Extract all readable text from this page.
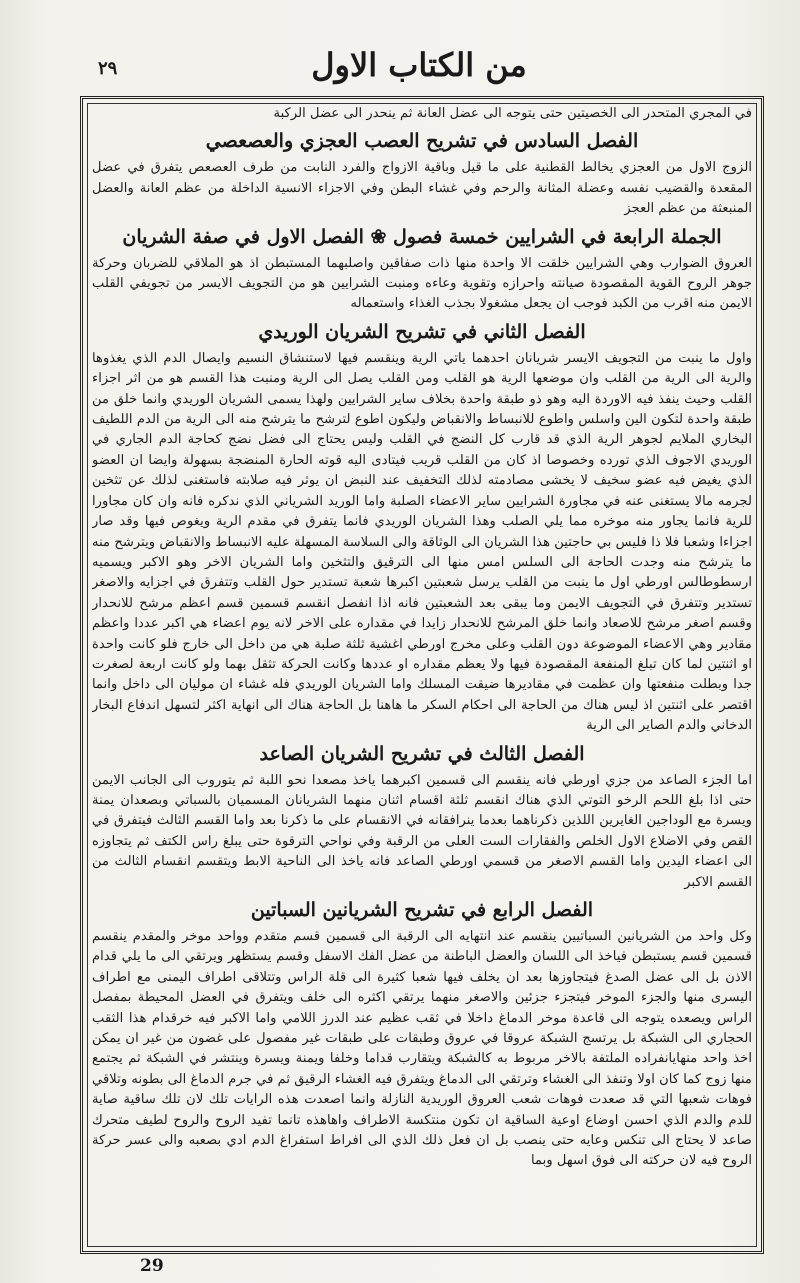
من الكتاب الاول
٢٩

في المجري المتحدر الى الخصيتين حتى يتوجه الى عضل العانة ثم ينحدر الى عضل الركبة

الفصل السادس في تشريح العصب العجزي والعصعصي

الزوج الاول من العجزي يخالط القطنية على ما قيل وباقية الازواج والفرد النابت من طرف العصعص يتفرق في عضل المقعدة والقضيب نفسه وعضلة المثانة والرحم وفي غشاء البطن وفي الاجزاء الانسية الداخلة من عظم العانة والعضل المنبعثة من عظم العجز

الجملة الرابعة في الشرايين خمسة فصول ❀ الفصل الاول في صفة الشريان

العروق الضوارب وهي الشرايين خلقت الا واحدة منها ذات صفاقين واصلبهما المستبطن اذ هو الملاقي للضربان وحركة جوهر الروح القوية المقصودة صيانته واحرازه وتقوية وعاءه ومنبت الشرايين هو من التجويف الايسر من تجويفي القلب الايمن منه اقرب من الكبد فوجب ان يجعل مشغولا بجذب الغذاء واستعماله

الفصل الثاني في تشريح الشريان الوريدي

واول ما ينبت من التجويف الايسر شريانان احدهما ياتي الرية وينقسم فيها لاستنشاق النسيم وايصال الدم الذي يغذوها والرية الى الرية من القلب وان موضعها الرية هو القلب ومن القلب يصل الى الرية ومنبت هذا القسم هو من اثر اجزاء القلب وحيث ينفذ فيه الاوردة اليه وهو ذو طبقة واحدة بخلاف ساير الشرايين ولهذا يسمى الشريان الوريدي وانما خلق من طبقة واحدة لتكون الين واسلس واطوع للانبساط والانقباض وليكون اطوع لترشح ما يترشح منه الى الرية من الدم اللطيف البخاري الملايم لجوهر الرية الذي قد قارب كل النضج في القلب وليس يحتاج الى فضل نضج كحاجة الدم الجاري في الوريدي الاجوف الذي تورده وخصوصا اذ كان من القلب قريب فيتادى اليه قوته الحارة المنضجة بسهولة وايضا ان العضو الذي يغيض فيه عضو سخيف لا يخشى مصادمته لذلك التخفيف عند النبض ان يوثر فيه صلابته فاستغنى لذلك عن تثخين لجرمه مالا يستغنى عنه في مجاورة الشرايين ساير الاعضاء الصلبة واما الوريد الشرياني الذي ندكره فانه وان كان مجاورا للرية فانما يجاور منه موخره مما يلي الصلب وهذا الشريان الوريدي فانما يتفرق في مقدم الرية ويغوص فيها وقد صار اجزاءا وشعبا فلا ذا فليس بي حاجتين هذا الشريان الى الوثاقة والى السلاسة المسهلة عليه الانبساط والانقباض ويترشح منه ما يترشح منه وجدت الحاجة الى السلس امس منها الى الترقيق والتثخين واما الشريان الاخر وهو الاكبر ويسميه ارسطوطالس اورطي اول ما ينبت من القلب يرسل شعبتين اكبرها شعبة تستدير حول القلب وتتفرق في اجزايه والاصغر تستدير وتتفرق في التجويف الايمن وما يبقى بعد الشعبتين فانه اذا انفصل انقسم قسمين قسم اعظم مرشح للانحدار وقسم اصغر مرشح للاصعاد وانما خلق المرشح للانحدار زايدا في مقداره على الاخر لانه يوم اعضاء هي اكبر عددا واعظم مقادير وهي الاعضاء الموضوعة دون القلب وعلى مخرج اورطي اغشية ثلثة صلبة هي من داخل الى خارج فلو كانت واحدة او اثنتين لما كان تبلغ المنفعة المقصودة فيها ولا يعظم مقداره او عددها وكانت الحركة تثقل بهما ولو كانت اربعة لصغرت جدا وبطلت منفعتها وان عظمت في مقاديرها ضيقت المسلك واما الشريان الوريدي فله غشاء ان موليان الى داخل وانما اقتصر على اثنتين اذ ليس هناك من الحاجة الى احكام السكر ما هاهنا بل الحاجة هناك الى انهاية اكثر لتسهل اندفاع البخار الدخاني والدم الصاير الى الرية

الفصل الثالث في تشريح الشريان الصاعد

اما الجزء الصاعد من جزي اورطي فانه ينقسم الى قسمين اكبرهما ياخذ مصعدا نحو اللبة ثم يتوروب الى الجانب الايمن حتى اذا بلغ اللحم الرخو التوتي الذي هناك انقسم ثلثة اقسام اثنان منهما الشريانان المسميان بالسباتي وبصعدان يمنة ويسرة مع الوداجين الغايرين اللذين ذكرناهما بعدما ينرافقانه في الانقسام على ما ذكرنا بعد واما القسم الثالث فيتفرق في القص وفي الاضلاع الاول الخلص والفقارات الست العلى من الرقبة وفي نواحي الترقوة حتى يبلغ راس الكتف ثم يتجاوزه الى اعضاء اليدين واما القسم الاصغر من قسمي اورطي الصاعد فانه ياخذ الى الناحية الابط ويتقسم انقسام الثالث من القسم الاكبر

الفصل الرابع في تشريح الشريانين السباتين

وكل واحد من الشريانين السباتيين ينقسم عند انتهايه الى الرقبة الى قسمين قسم متقدم وواحد موخر والمقدم ينقسم قسمين قسم يستبطن فياخذ الى اللسان والعضل الباطنة من عضل الفك الاسفل وقسم يستظهر ويرتقي الى ما يلي قدام الاذن بل الى عضل الصدغ فيتجاوزها بعد ان يخلف فيها شعبا كثيرة الى قلة الراس وتتلاقى اطراف اليمنى مع اطراف اليسرى منها والجزء الموخر فيتجزء جزئين والاصغر منهما يرتقي اكثره الى خلف ويتفرق في العضل المحيطة بمفصل الراس ويصعده يتوجه الى قاعدة موخر الدماغ داخلا في ثقب عظيم عند الدرز اللامي واما الاكبر فيه خرقدام هذا الثقب الحجاري الى الشبكة بل يرتسج الشبكة عروقا في عروق وطبقات على طبقات غير مفصول على غضون من غير ان يمكن اخذ واحد منهايانفراده الملتفة بالاخر مربوط به كالشبكة ويتقارب قداما وخلفا ويمنة ويسرة وينتشر في الشبكة ثم يجتمع منها زوج كما كان اولا وتنفذ الى الغشاء وترتقي الى الدماغ ويتفرق فيه الغشاء الرقيق ثم في جرم الدماغ الى بطونه وتلاقي فوهات شعبها التي قد صعدت فوهات شعب العروق الوريدية النازلة وانما اصعدت هذه الرايات تلك لان تلك ساقية صاية للدم والدم الذي احسن اوضاع اوعية الساقية ان تكون منتكسة الاطراف واهاهذه تانما تفيد الروح والروح لطيف متحرك صاعد لا يحتاج الى تنكس وعايه حتى ينصب بل ان فعل ذلك الذي الى افراط استفراغ الدم ادي بصعبه والى عسر حركة الروح فيه لان حركته الى فوق اسهل وبما

29
